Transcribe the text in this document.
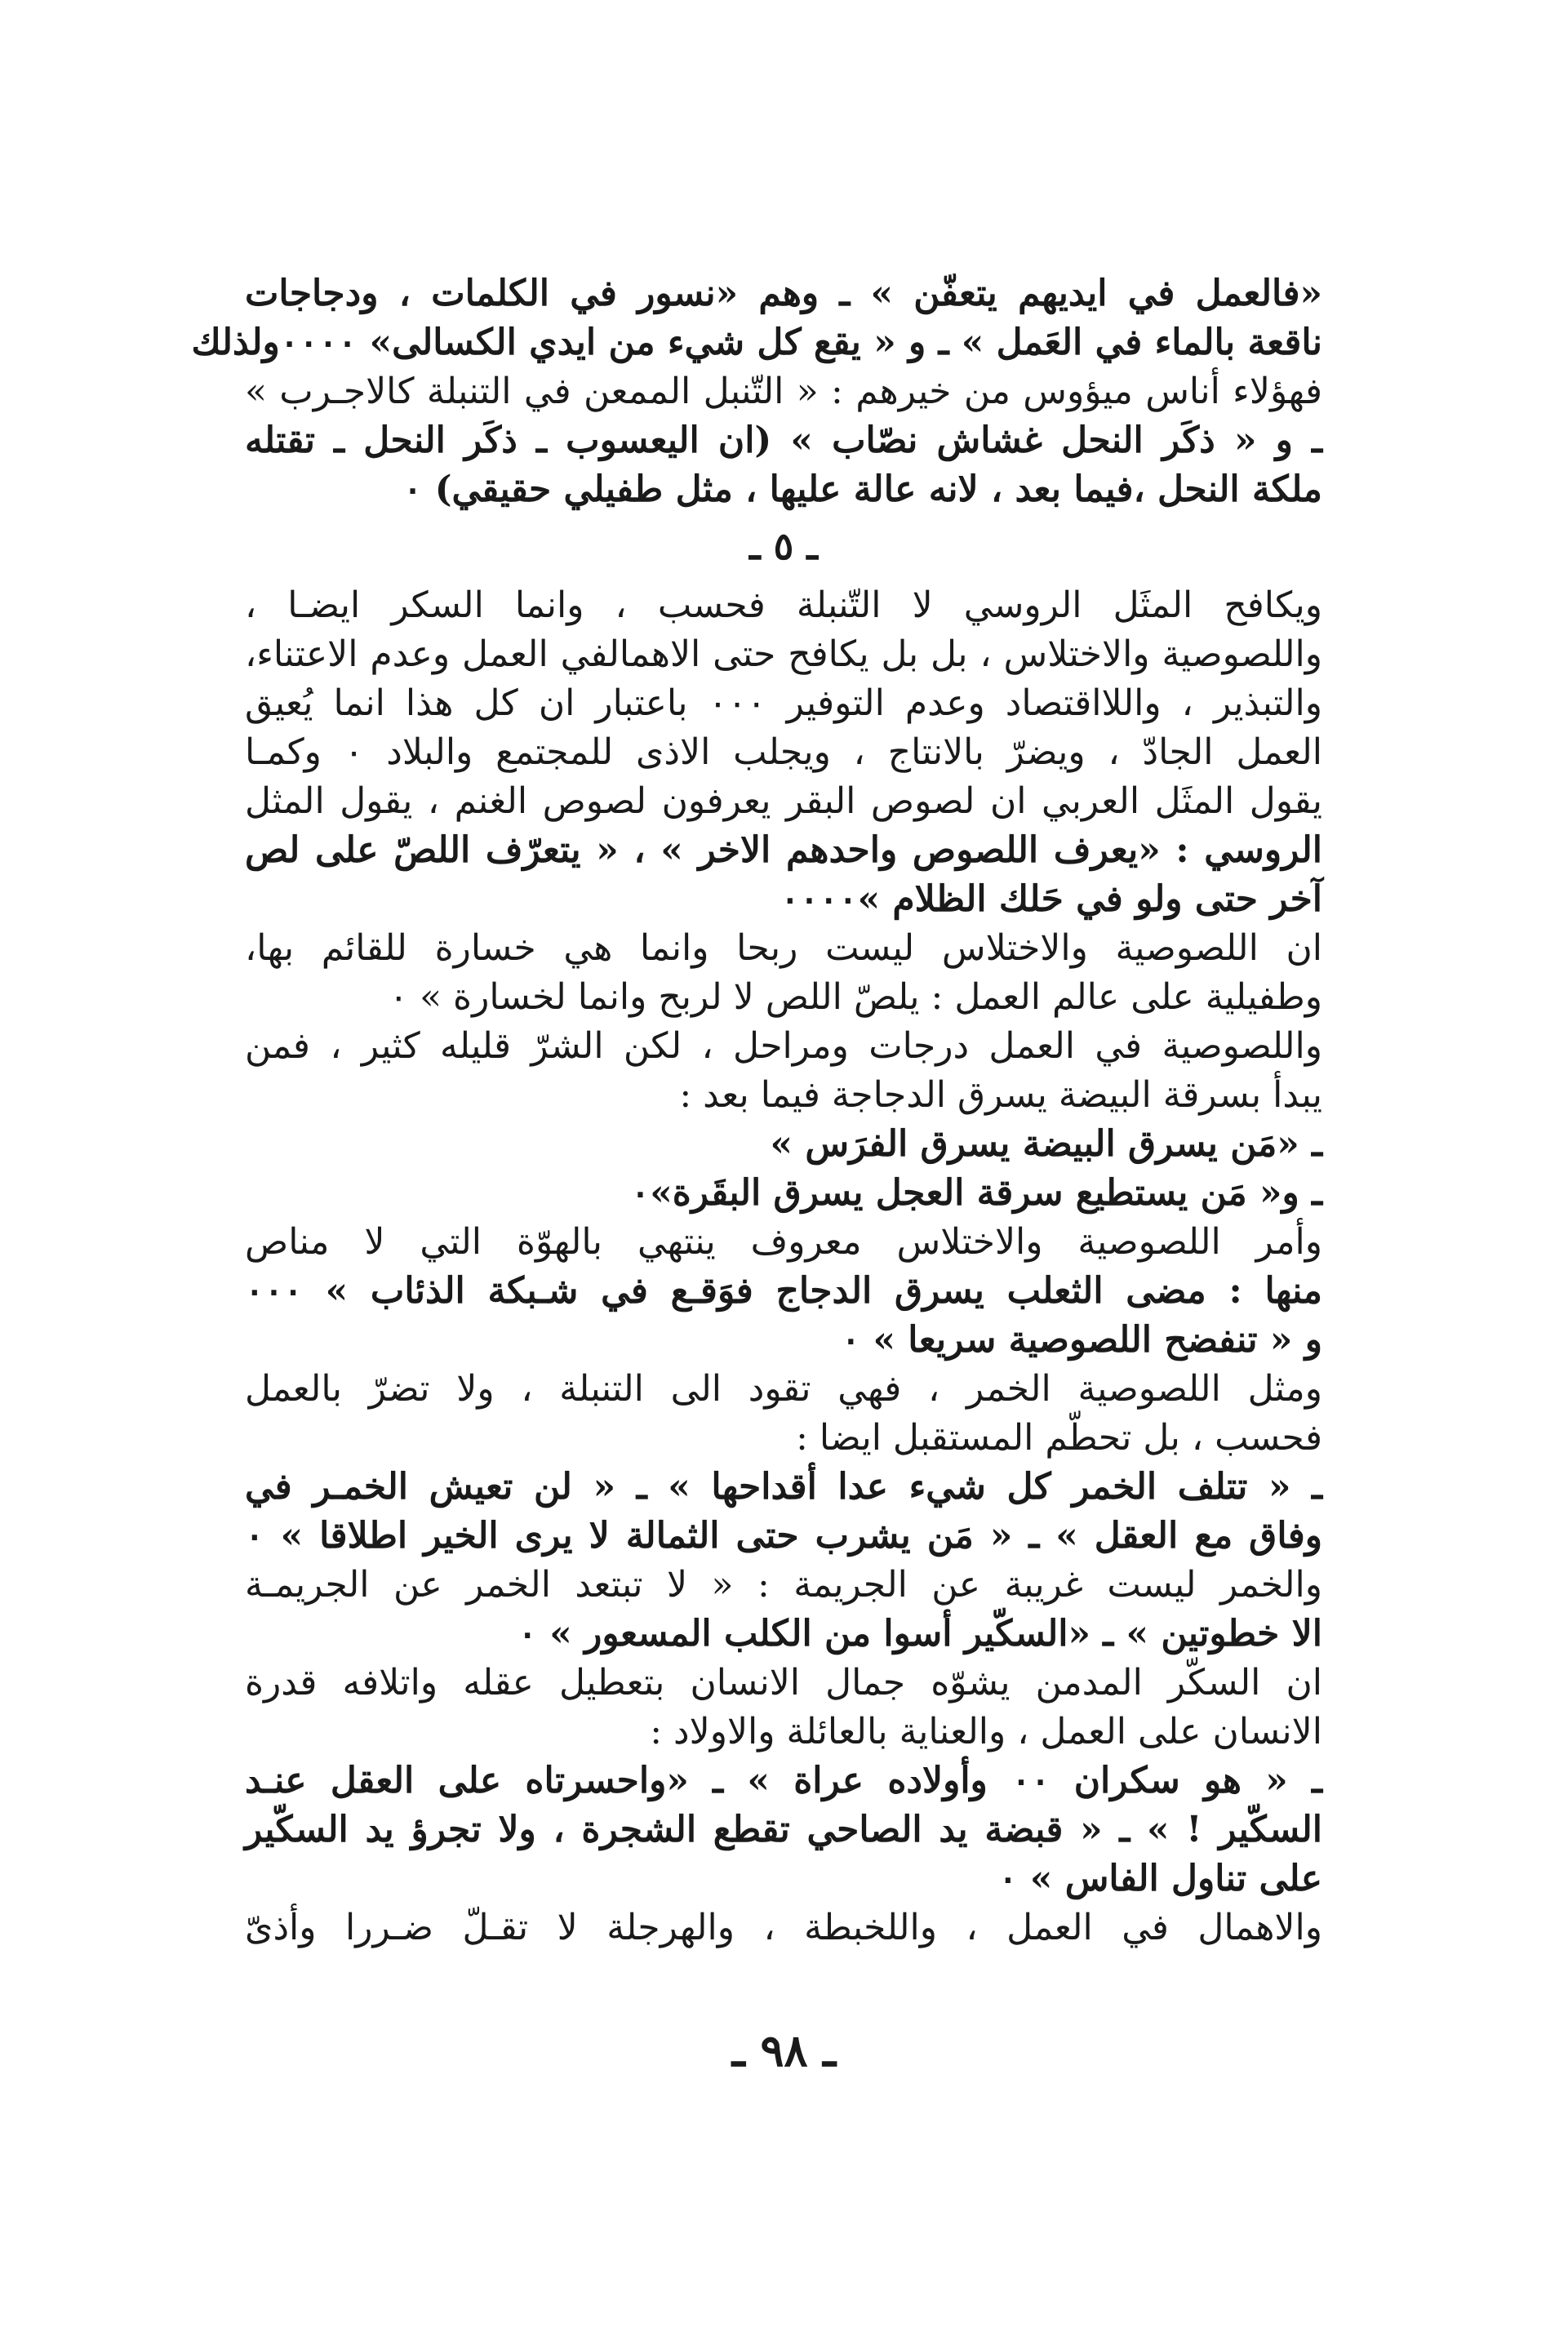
«فالعمل في ايديهم يتعفّن » ـ وهم «نسور في الكلمات ، ودجاجات
ناقعة بالماء في العَمل » ـ و « يقع كل شيء من ايدي الكسالى» ٠٠٠٠ولذلك
فهؤلاء أناس ميؤوس من خيرهم : « التّنبل الممعن في التنبلة كالاجـرب »
ـ و « ذكَر النحل غشاش نصّاب » (ان اليعسوب ـ ذكَر النحل ـ تقتله
ملكة النحل ،فيما بعد ، لانه عالة عليها ، مثل طفيلي حقيقي) ٠
ـ ٥ ـ
ويكافح المثَل الروسي لا التّنبلة فحسب ، وانما السكر ايضـا ،
واللصوصية والاختلاس ، بل بل يكافح حتى الاهمالفي العمل وعدم الاعتناء،
والتبذير ، واللااقتصاد وعدم التوفير ٠٠٠ باعتبار ان كل هذا انما يُعيق
العمل الجادّ ، ويضرّ بالانتاج ، ويجلب الاذى للمجتمع والبلاد ٠ وكمـا
يقول المثَل العربي ان لصوص البقر يعرفون لصوص الغنم ، يقول المثل
الروسي : «يعرف اللصوص واحدهم الاخر » ، « يتعرّف اللصّ على لص
آخر حتى ولو في حَلك الظلام »٠٠٠٠
ان اللصوصية والاختلاس ليست ربحا وانما هي خسارة للقائم بها،
وطفيلية على عالم العمل : يلصّ اللص لا لربح وانما لخسارة » ٠
واللصوصية في العمل درجات ومراحل ، لكن الشرّ قليله كثير ، فمن
يبدأ بسرقة البيضة يسرق الدجاجة فيما بعد :
ـ «مَن يسرق البيضة يسرق الفرَس »
ـ و« مَن يستطيع سرقة العجل يسرق البقَرة»٠
وأمر اللصوصية والاختلاس معروف ينتهي بالهوّة التي لا مناص
منها : مضى الثعلب يسرق الدجاج فوَقـع في شـبكة الذئاب » ٠٠٠
و « تنفضح اللصوصية سريعا » ٠
ومثل اللصوصية الخمر ، فهي تقود الى التنبلة ، ولا تضرّ بالعمل
فحسب ، بل تحطّم المستقبل ايضا :
ـ « تتلف الخمر كل شيء عدا أقداحها » ـ « لن تعيش الخمـر في
وفاق مع العقل » ـ « مَن يشرب حتى الثمالة لا يرى الخير اطلاقا » ٠
والخمر ليست غريبة عن الجريمة : « لا تبتعد الخمر عن الجريمـة
الا خطوتين » ـ «السكّير أسوا من الكلب المسعور » ٠
ان السكّر المدمن يشوّه جمال الانسان بتعطيل عقله واتلافه قدرة
الانسان على العمل ، والعناية بالعائلة والاولاد :
ـ « هو سكران ٠٠ وأولاده عراة » ـ «واحسرتاه على العقل عنـد
السكّير ! » ـ « قبضة يد الصاحي تقطع الشجرة ، ولا تجرؤ يد السكّير
على تناول الفاس » ٠
والاهمال في العمل ، واللخبطة ، والهرجلة لا تقـلّ ضـررا وأذىّ
ـ ٩٨ ـ
